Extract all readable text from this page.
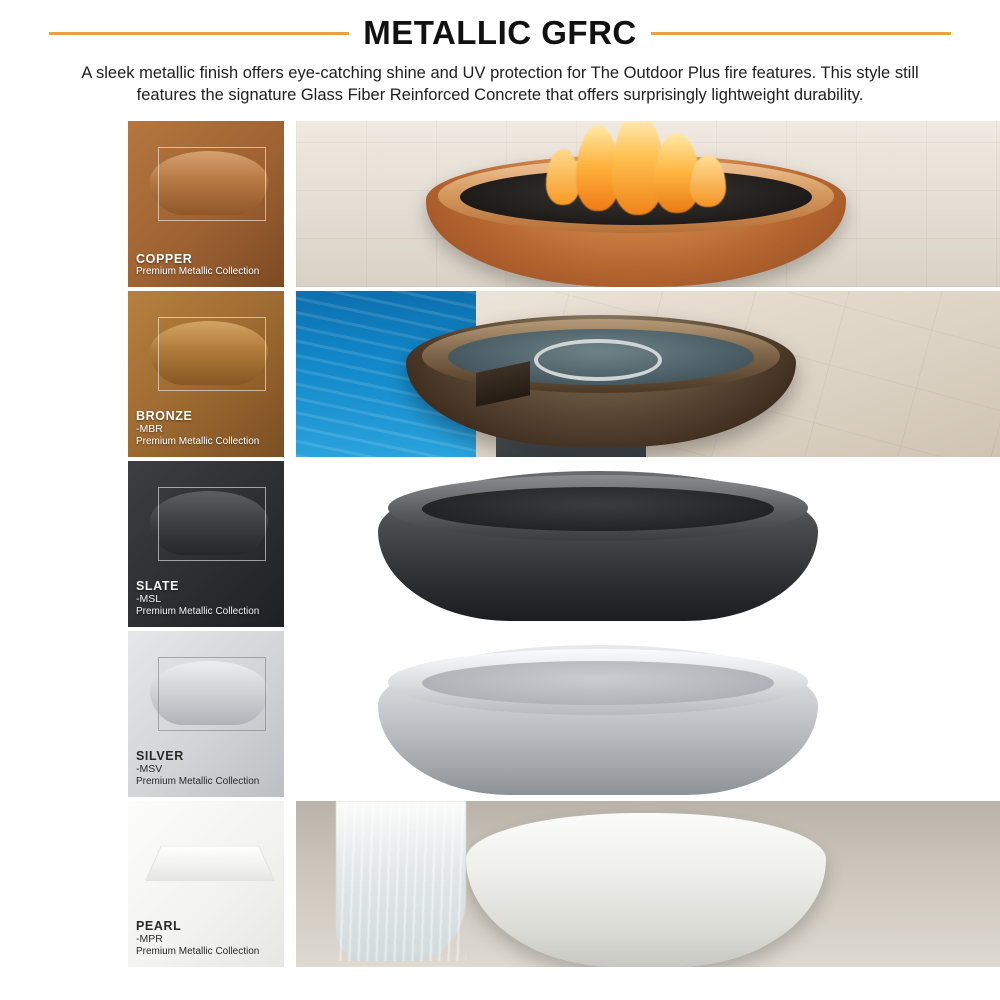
METALLIC GFRC
A sleek metallic finish offers eye-catching shine and UV protection for The Outdoor Plus fire features. This style still features the signature Glass Fiber Reinforced Concrete that offers surprisingly lightweight durability.
COPPER
Premium Metallic Collection
BRONZE
-MBR
Premium Metallic Collection
SLATE
-MSL
Premium Metallic Collection
SILVER
-MSV
Premium Metallic Collection
PEARL
-MPR
Premium Metallic Collection
